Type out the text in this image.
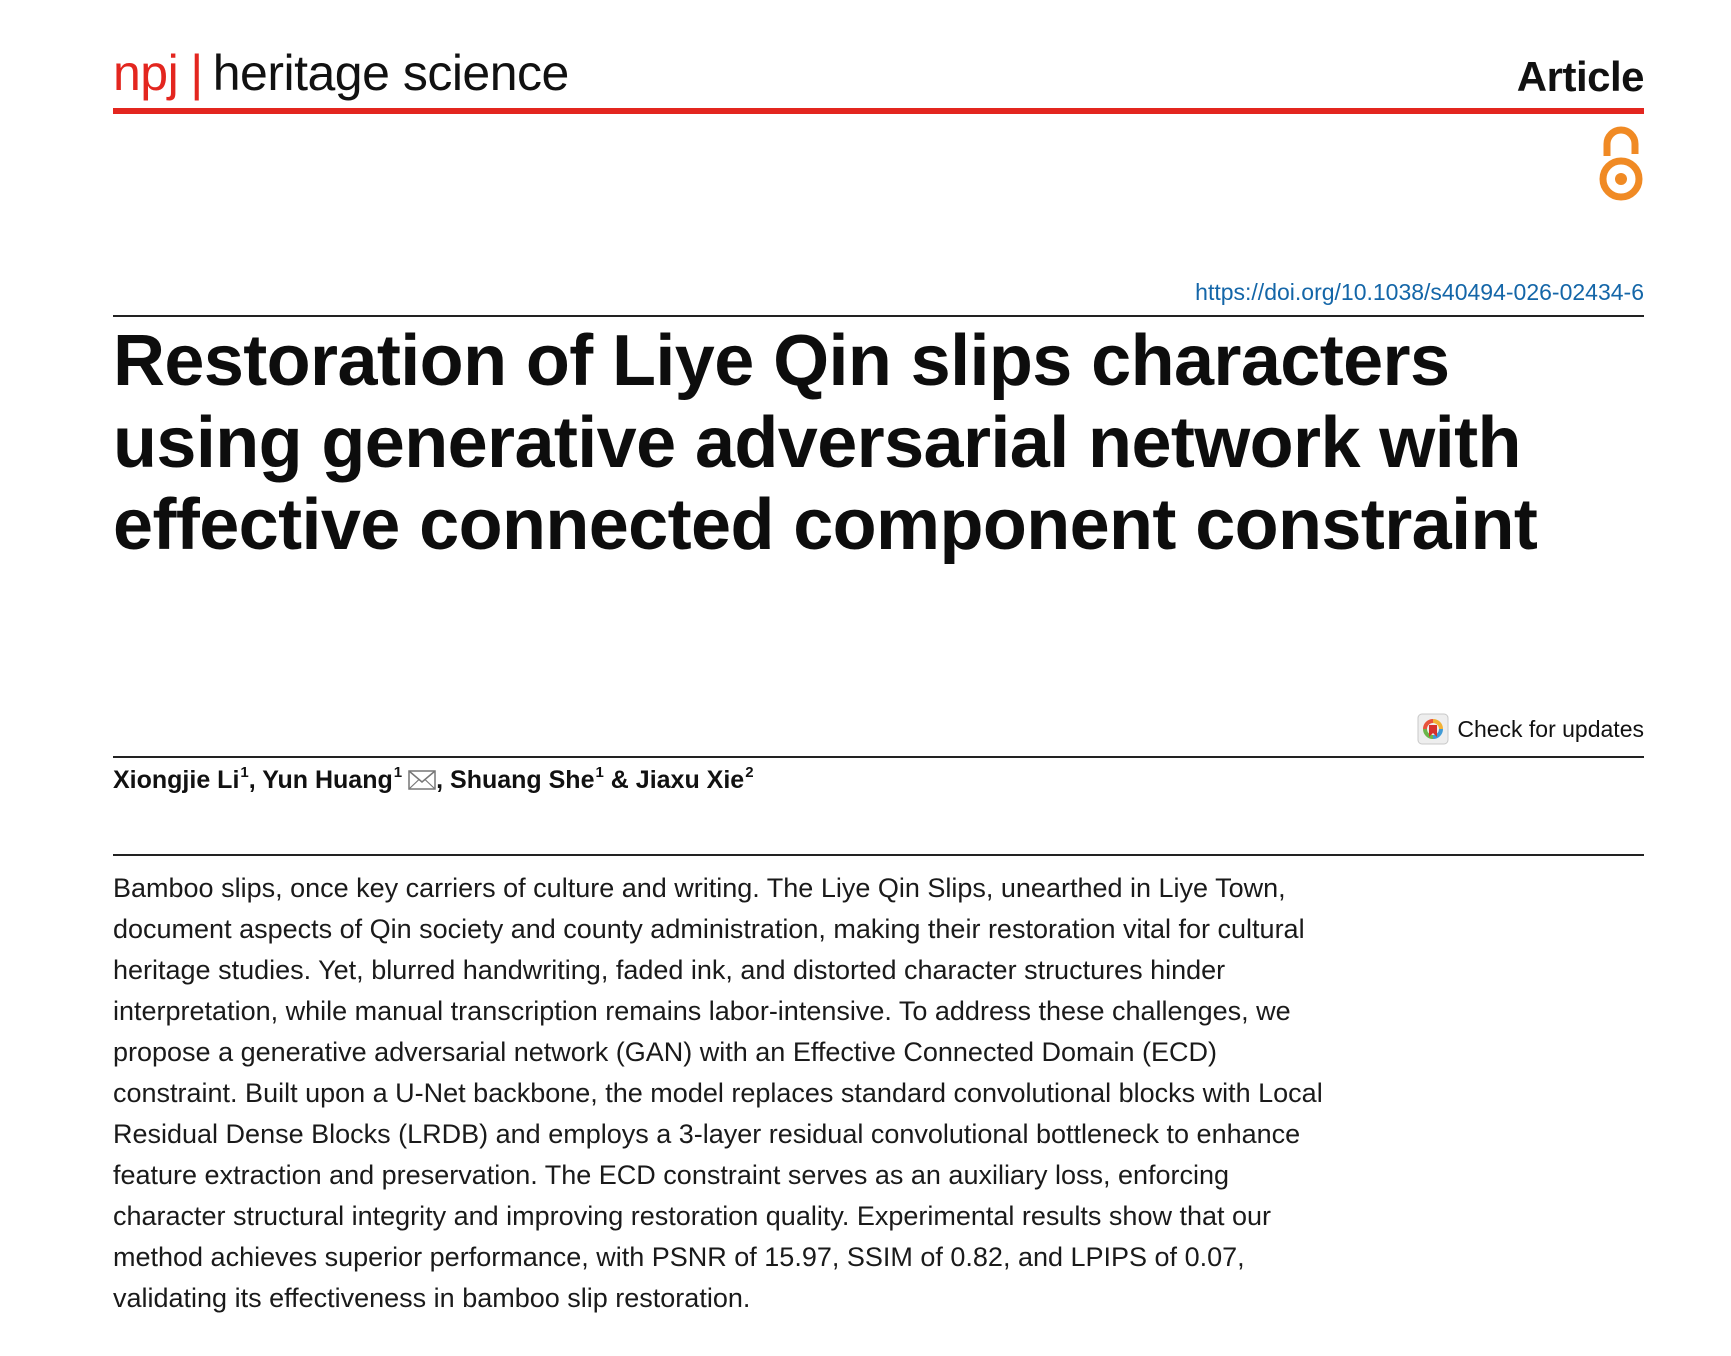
npj | heritage science	Article
https://doi.org/10.1038/s40494-026-02434-6
Restoration of Liye Qin slips characters using generative adversarial network with effective connected component constraint
Check for updates
Xiongjie Li$^1$, Yun Huang$^1$ , Shuang She$^1$ & Jiaxu Xie$^2$

Bamboo slips, once key carriers of culture and writing. The Liye Qin Slips, unearthed in Liye Town,
document aspects of Qin society and county administration, making their restoration vital for cultural
heritage studies. Yet, blurred handwriting, faded ink, and distorted character structures hinder
interpretation, while manual transcription remains labor-intensive. To address these challenges, we
propose a generative adversarial network (GAN) with an Effective Connected Domain (ECD)
constraint. Built upon a U-Net backbone, the model replaces standard convolutional blocks with Local
Residual Dense Blocks (LRDB) and employs a 3-layer residual convolutional bottleneck to enhance
feature extraction and preservation. The ECD constraint serves as an auxiliary loss, enforcing
character structural integrity and improving restoration quality. Experimental results show that our
method achieves superior performance, with PSNR of 15.97, SSIM of 0.82, and LPIPS of 0.07,
validating its effectiveness in bamboo slip restoration.
